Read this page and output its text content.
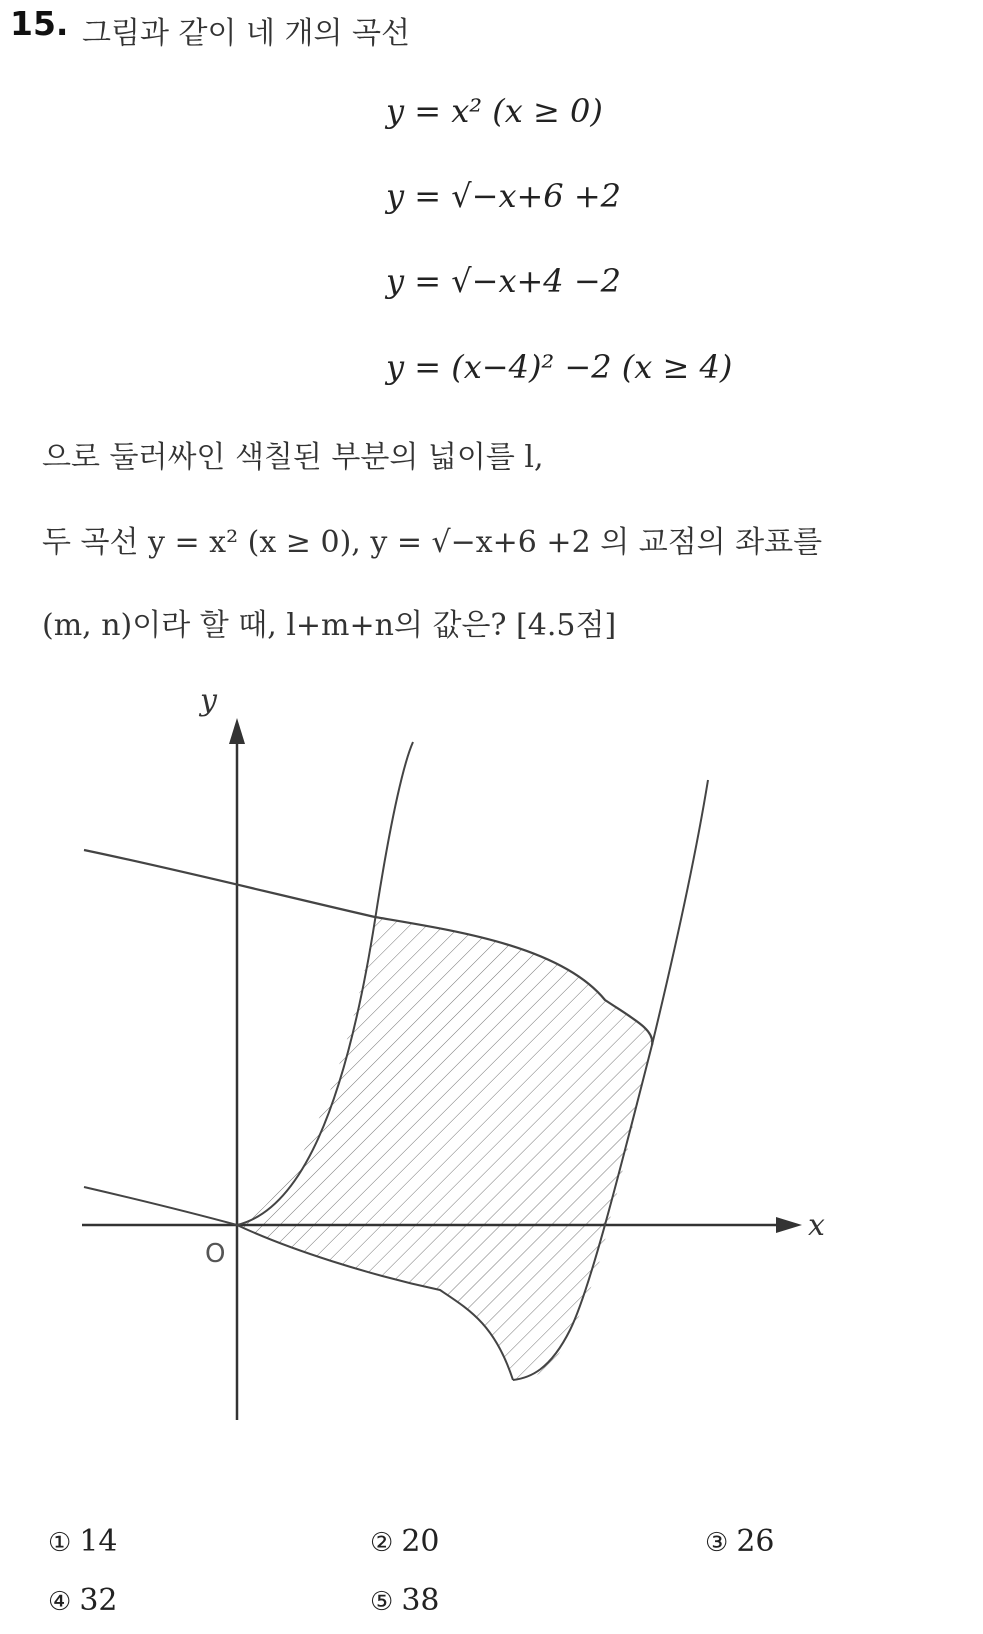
15. 그림과 같이 네 개의 곡선
y = x² (x ≥ 0)
y = √−x+6 +2
y = √−x+4 −2
y = (x−4)² −2 (x ≥ 4)
으로 둘러싸인 색칠된 부분의 넓이를 l,
두 곡선 y = x² (x ≥ 0), y = √−x+6 +2 의 교점의 좌표를
(m, n)이라 할 때, l+m+n의 값은? [4.5점]
x
y
O
① 14	② 20	③ 26
④ 32	⑤ 38
